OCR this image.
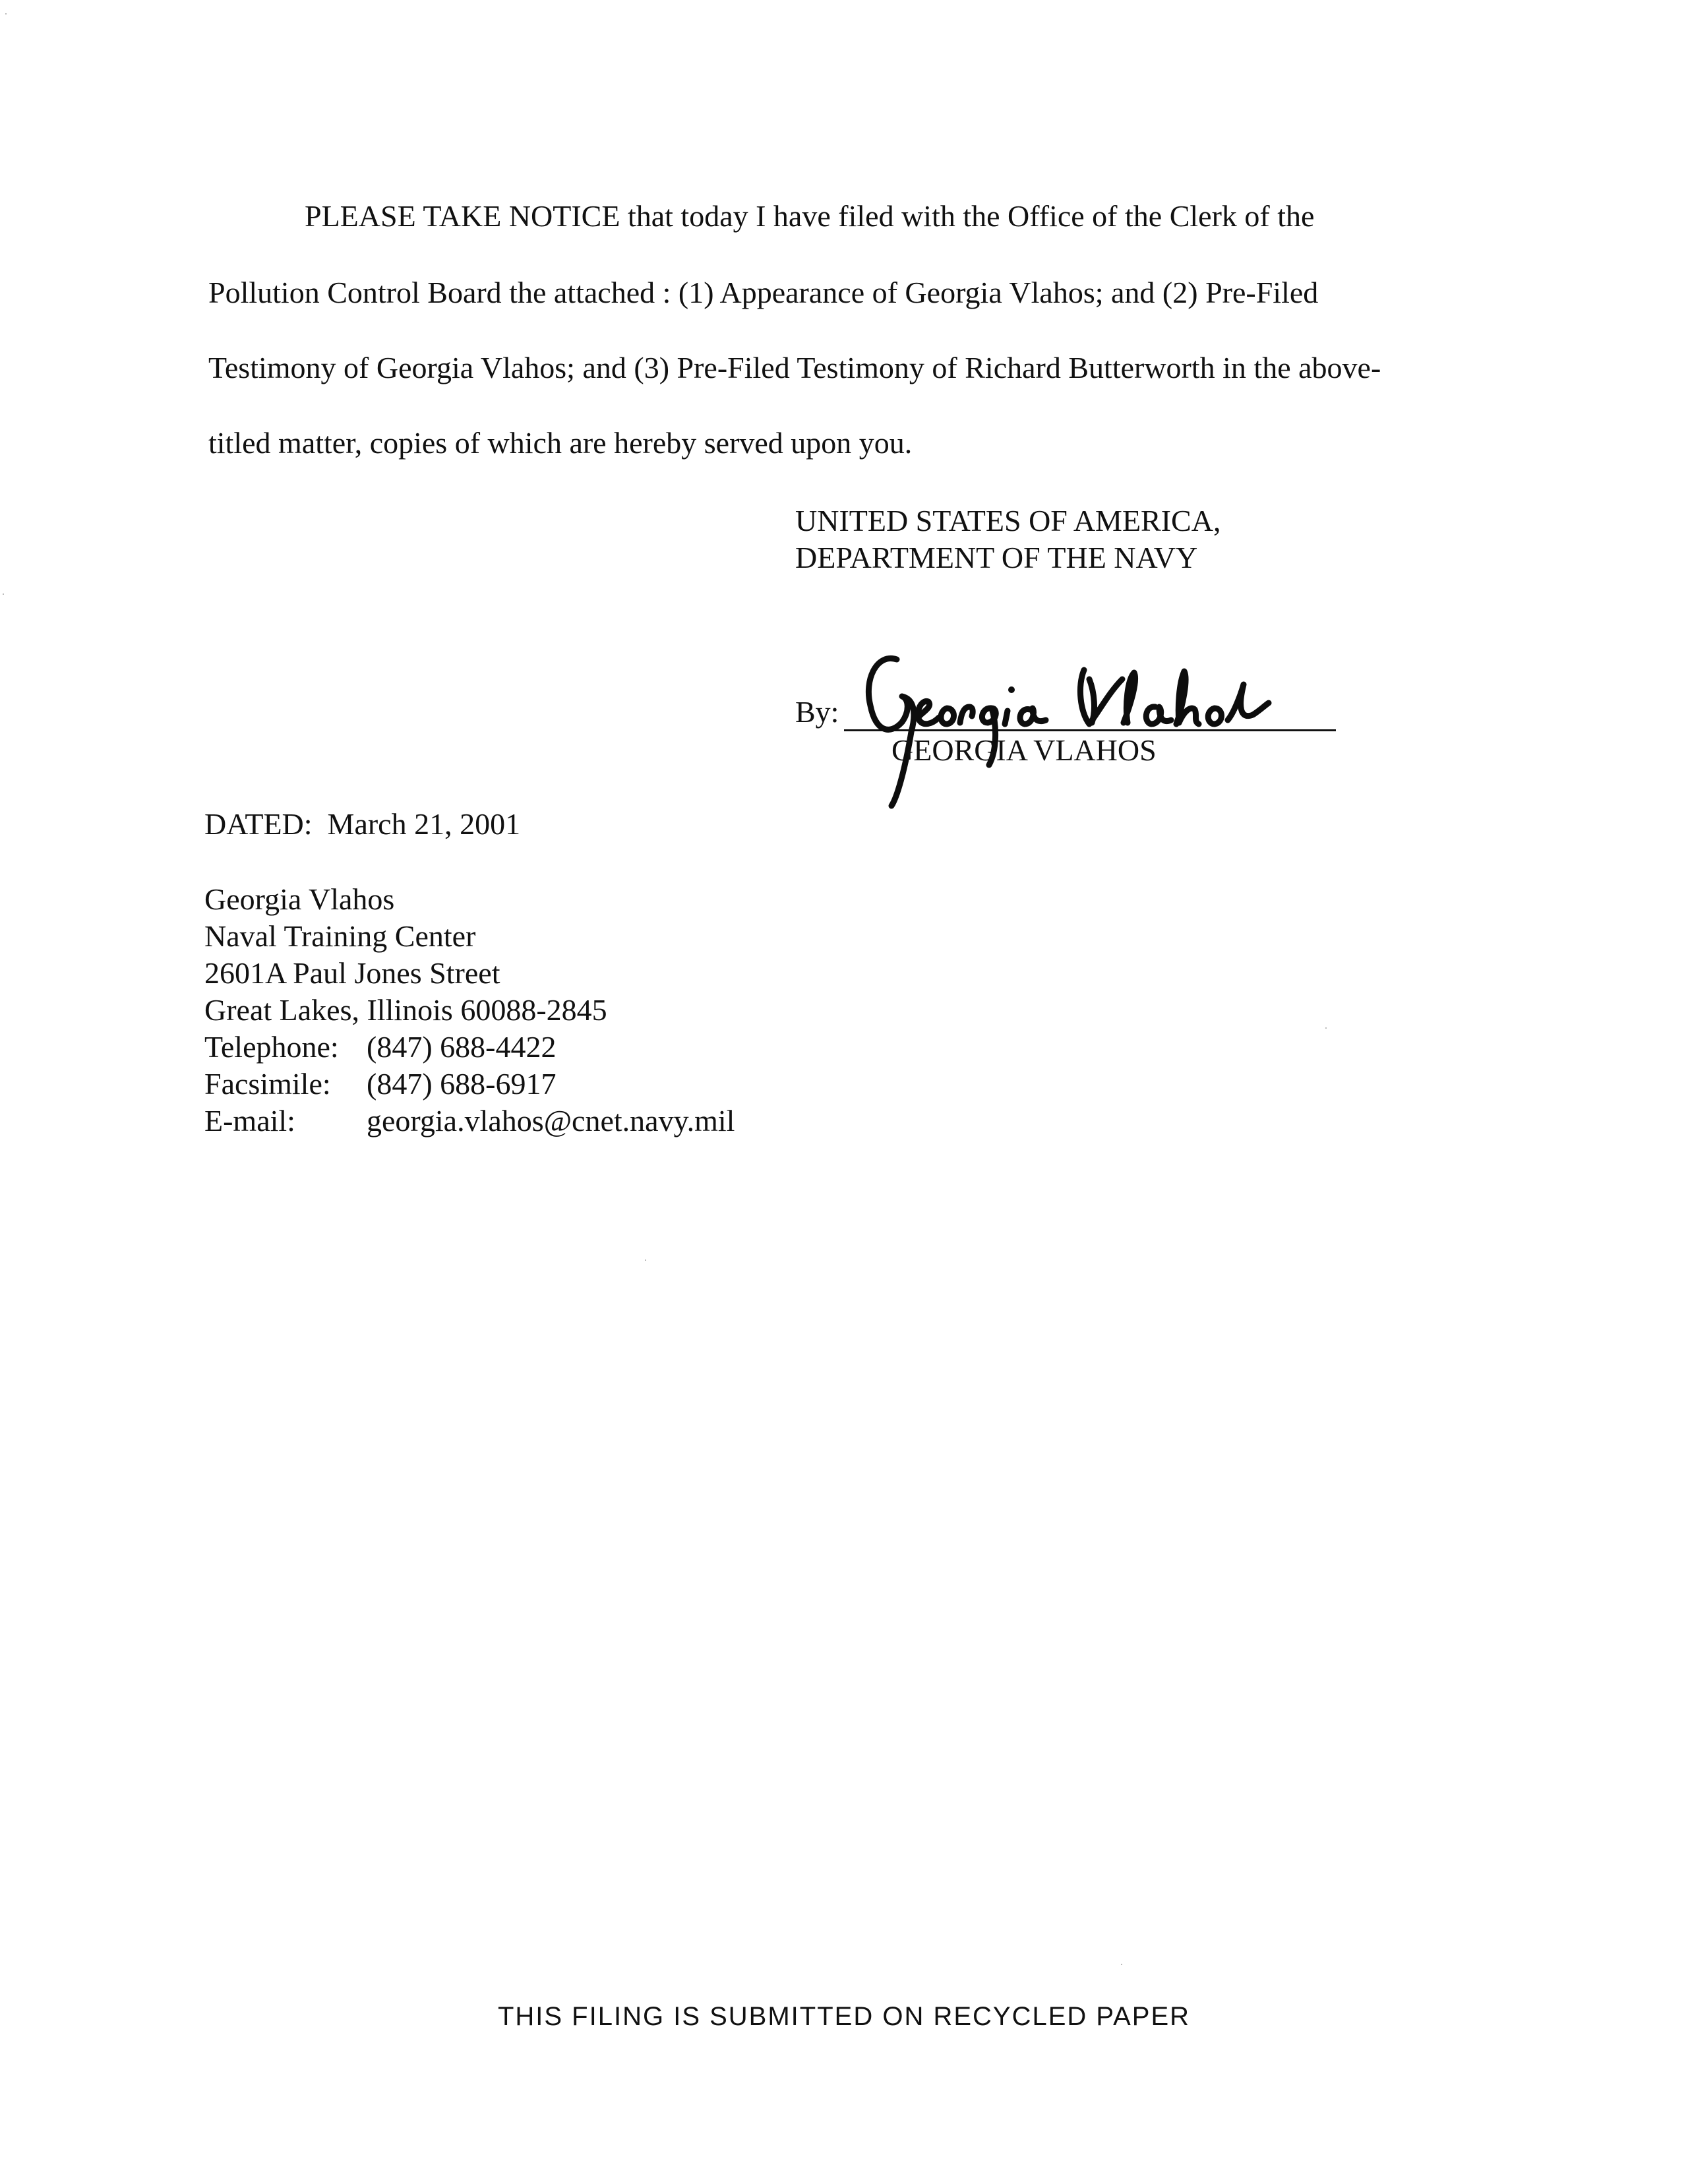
PLEASE TAKE NOTICE that today I have filed with the Office of the Clerk of the
Pollution Control Board the attached : (1) Appearance of Georgia Vlahos; and (2) Pre-Filed
Testimony of Georgia Vlahos; and (3) Pre-Filed Testimony of Richard Butterworth in the above-
titled matter, copies of which are hereby served upon you.
UNITED STATES OF AMERICA,
DEPARTMENT OF THE NAVY
By:
GEORGIA VLAHOS
DATED: March 21, 2001
Georgia Vlahos
Naval Training Center
2601A Paul Jones Street
Great Lakes, Illinois 60088-2845
Telephone: (847) 688-4422
Facsimile: (847) 688-6917
E-mail: georgia.vlahos@cnet.navy.mil
THIS FILING IS SUBMITTED ON RECYCLED PAPER
